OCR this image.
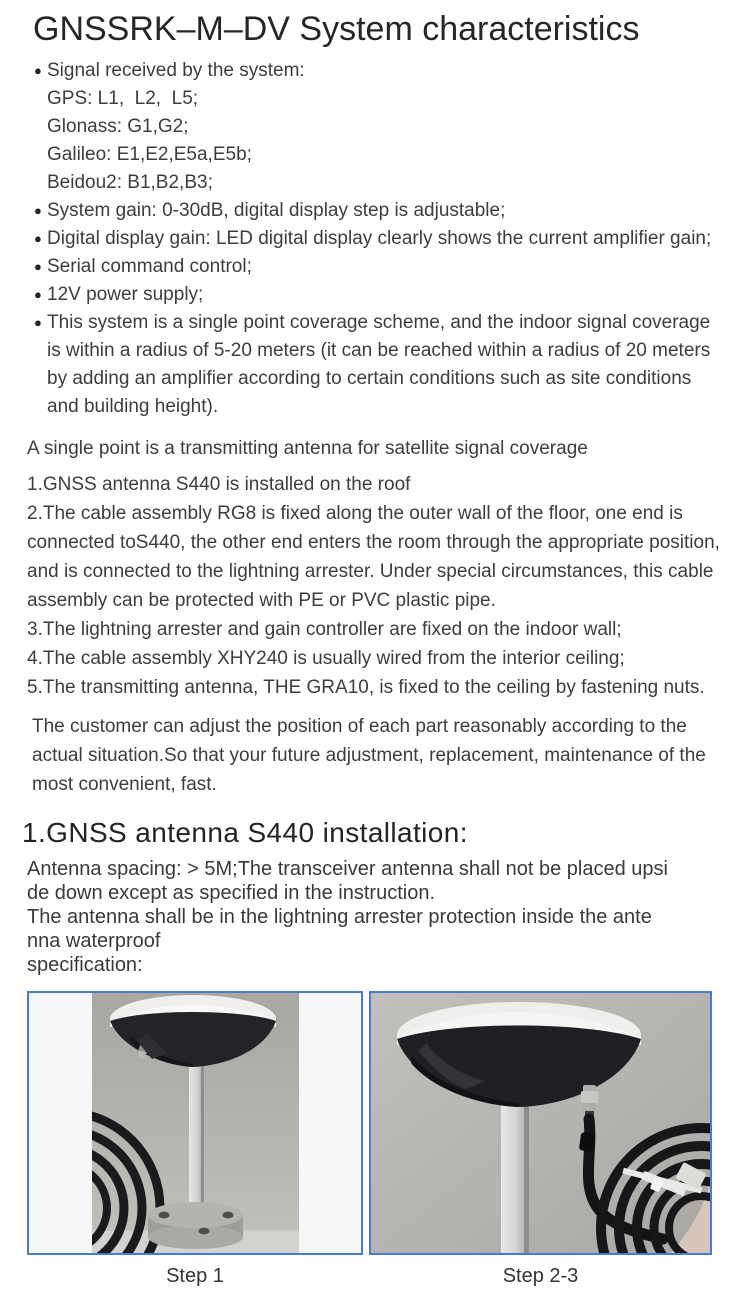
GNSSRK–M–DV System characteristics
● Signal received by the system:
GPS: L1,  L2,  L5;
Glonass: G1,G2;
Galileo: E1,E2,E5a,E5b;
Beidou2: B1,B2,B3;
● System gain: 0-30dB, digital display step is adjustable;
● Digital display gain: LED digital display clearly shows the current amplifier gain;
● Serial command control;
● 12V power supply;
● This system is a single point coverage scheme, and the indoor signal coverage is within a radius of 5-20 meters (it can be reached within a radius of 20 meters by adding an amplifier according to certain conditions such as site conditions and building height).

A single point is a transmitting antenna for satellite signal coverage

1.GNSS antenna S440 is installed on the roof

2.The cable assembly RG8 is fixed along the outer wall of the floor, one end is connected toS440, the other end enters the room through the appropriate position, and is connected to the lightning arrester. Under special circumstances, this cable assembly can be protected with PE or PVC plastic pipe.

3.The lightning arrester and gain controller are fixed on the indoor wall;

4.The cable assembly XHY240 is usually wired from the interior ceiling;

5.The transmitting antenna, THE GRA10, is fixed to the ceiling by fastening nuts.

The customer can adjust the position of each part reasonably according to the actual situation.So that your future adjustment, replacement, maintenance of the most convenient, fast.

1.GNSS antenna S440 installation:
Antenna spacing: > 5M;The transceiver antenna shall not be placed upsi
de down except as specified in the instruction.
The antenna shall be in the lightning arrester protection inside the ante
nna waterproof
specification:
Step 1	Step 2-3
